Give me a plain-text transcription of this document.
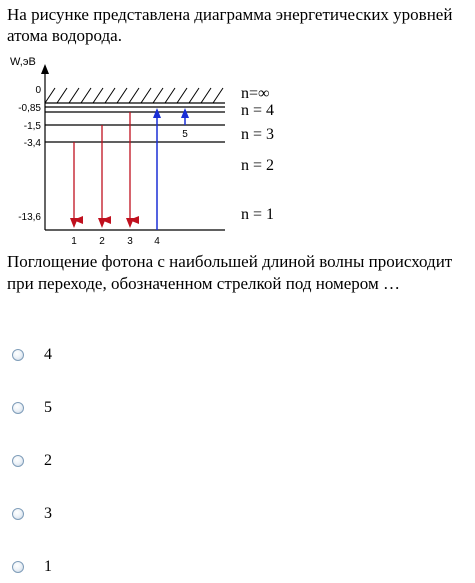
На рисунке представлена диаграмма энергетических уровней атома водорода.
W,эВ
0
-0,85
-1,5
-3,4
-13,6
n=∞
n = 4
n = 3
n = 2
n = 1
1 2 3 4
5
Поглощение фотона с наибольшей длиной волны происходит при переходе, обозначенном стрелкой под номером …
4
5
2
3
1
